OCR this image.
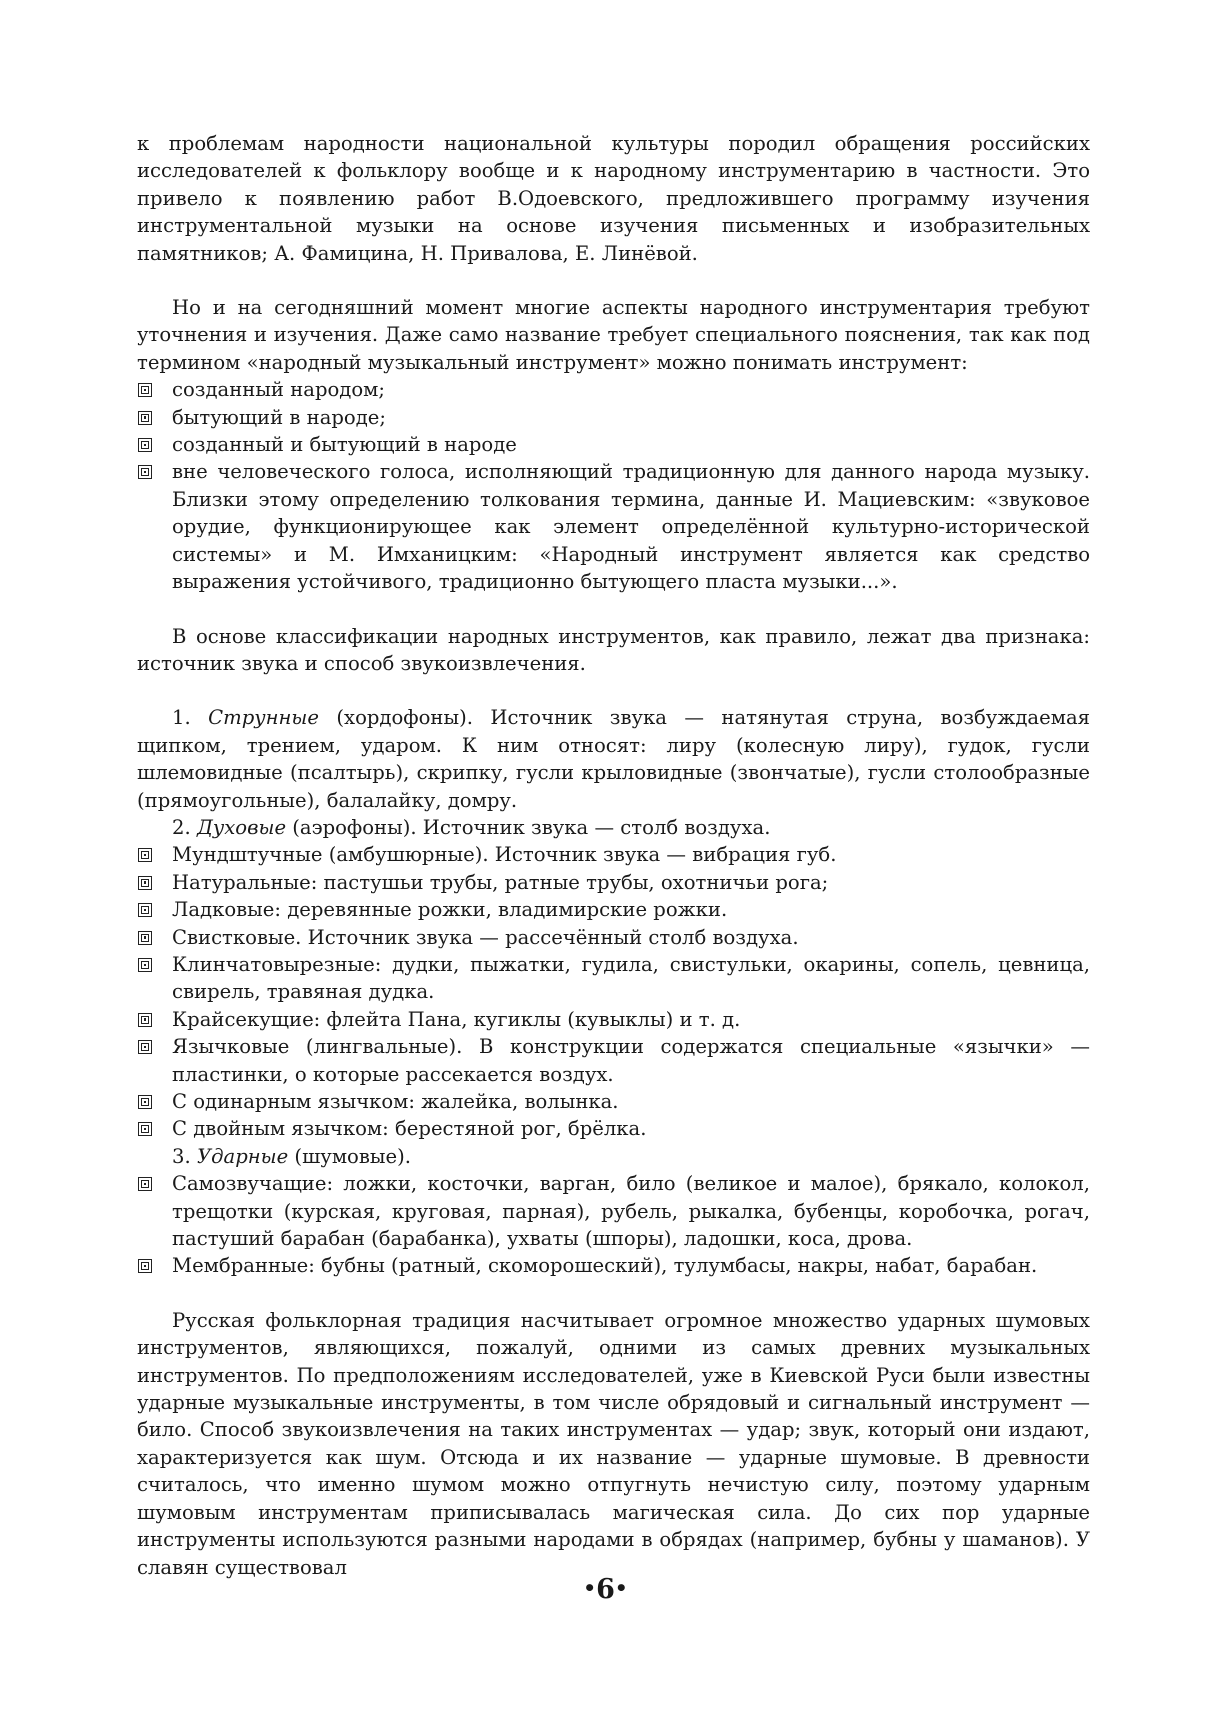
к проблемам народности национальной культуры породил обращения российских исследователей к фольклору вообще и к народному инструментарию в частности. Это привело к появлению работ В.Одоевского, предложившего программу изучения инструментальной музыки на основе изучения письменных и изобразительных памятников; А. Фамицина, Н. Привалова, Е. Линёвой.

Но и на сегодняшний момент многие аспекты народного инструментария требуют уточнения и изучения. Даже само название требует специального пояснения, так как под термином «народный музыкальный инструмент» можно понимать инструмент:

созданный народом;
бытующий в народе;
созданный и бытующий в народе
вне человеческого голоса, исполняющий традиционную для данного народа музыку. Близки этому определению толкования термина, данные И. Мациевским: «звуковое орудие, функционирующее как элемент определённой культурно-исторической системы» и М. Имханицким: «Народный инструмент является как средство выражения устойчивого, традиционно бытующего пласта музыки...».

В основе классификации народных инструментов, как правило, лежат два признака: источник звука и способ звукоизвлечения.

1. Струнные (хордофоны). Источник звука — натянутая струна, возбуждаемая щипком, трением, ударом. К ним относят: лиру (колесную лиру), гудок, гусли шлемовидные (псалтырь), скрипку, гусли крыловидные (звончатые), гусли столообразные (прямоугольные), балалайку, домру.

2. Духовые (аэрофоны). Источник звука — столб воздуха.

Мундштучные (амбушюрные). Источник звука — вибрация губ.
Натуральные: пастушьи трубы, ратные трубы, охотничьи рога;
Ладковые: деревянные рожки, владимирские рожки.
Свистковые. Источник звука — рассечённый столб воздуха.
Клинчатовырезные: дудки, пыжатки, гудила, свистульки, окарины, сопель, цевница, свирель, травяная дудка.
Крайсекущие: флейта Пана, кугиклы (кувыклы) и т. д.
Язычковые (лингвальные). В конструкции содержатся специальные «язычки» — пластинки, о которые рассекается воздух.
С одинарным язычком: жалейка, волынка.
С двойным язычком: берестяной рог, брёлка.

3. Ударные (шумовые).

Самозвучащие: ложки, косточки, варган, било (великое и малое), брякало, колокол, трещотки (курская, круговая, парная), рубель, рыкалка, бубенцы, коробочка, рогач, пастуший барабан (барабанка), ухваты (шпоры), ладошки, коса, дрова.
Мембранные: бубны (ратный, скоморошеский), тулумбасы, накры, набат, барабан.

Русская фольклорная традиция насчитывает огромное множество ударных шумовых инструментов, являющихся, пожалуй, одними из самых древних музыкальных инструментов. По предположениям исследователей, уже в Киевской Руси были известны ударные музыкальные инструменты, в том числе обрядовый и сигнальный инструмент — било. Способ звукоизвлечения на таких инструментах — удар; звук, который они издают, характеризуется как шум. Отсюда и их название — ударные шумовые. В древности считалось, что именно шумом можно отпугнуть нечистую силу, поэтому ударным шумовым инструментам приписывалась магическая сила. До сих пор ударные инструменты используются разными народами в обрядах (например, бубны у шаманов). У славян существовал

•6•
